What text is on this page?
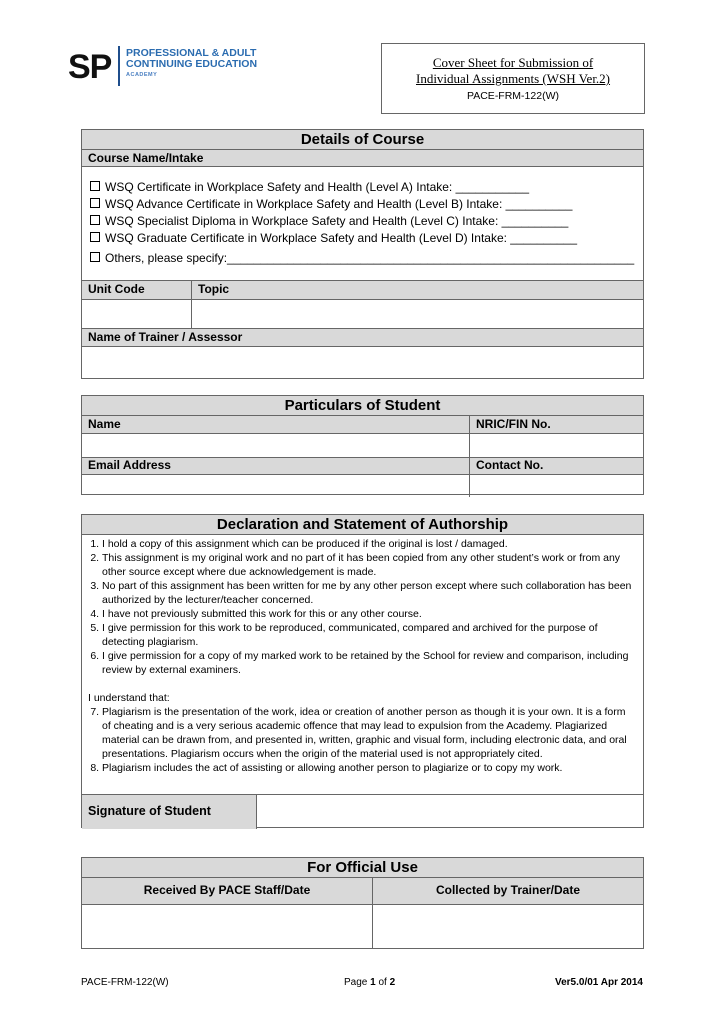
SP PROFESSIONAL & ADULT
CONTINUING EDUCATION
ACADEMY
Cover Sheet for Submission of
Individual Assignments (WSH Ver.2)
PACE-FRM-122(W)
Details of Course
Course Name/Intake
WSQ Certificate in Workplace Safety and Health (Level A) Intake: ___________
WSQ Advance Certificate in Workplace Safety and Health (Level B) Intake: __________
WSQ Specialist Diploma in Workplace Safety and Health (Level C) Intake: __________
WSQ Graduate Certificate in Workplace Safety and Health (Level D) Intake: __________
Others, please specify:_____________________________________________________________
Unit Code	Topic
Name of Trainer / Assessor
Particulars of Student
Name	NRIC/FIN No.
Email Address	Contact No.
Declaration and Statement of Authorship
1. I hold a copy of this assignment which can be produced if the original is lost / damaged.
2. This assignment is my original work and no part of it has been copied from any other student’s work or from any other source except where due acknowledgement is made.
3. No part of this assignment has been written for me by any other person except where such collaboration has been authorized by the lecturer/teacher concerned.
4. I have not previously submitted this work for this or any other course.
5. I give permission for this work to be reproduced, communicated, compared and archived for the purpose of detecting plagiarism.
6. I give permission for a copy of my marked work to be retained by the School for review and comparison, including review by external examiners.
I understand that:
7. Plagiarism is the presentation of the work, idea or creation of another person as though it is your own. It is a form of cheating and is a very serious academic offence that may lead to expulsion from the Academy. Plagiarized material can be drawn from, and presented in, written, graphic and visual form, including electronic data, and oral presentations. Plagiarism occurs when the origin of the material used is not appropriately cited.
8. Plagiarism includes the act of assisting or allowing another person to plagiarize or to copy my work.
Signature of Student
For Official Use
Received By PACE Staff/Date	Collected by Trainer/Date
PACE-FRM-122(W)	Page 1 of 2	Ver5.0/01 Apr 2014
